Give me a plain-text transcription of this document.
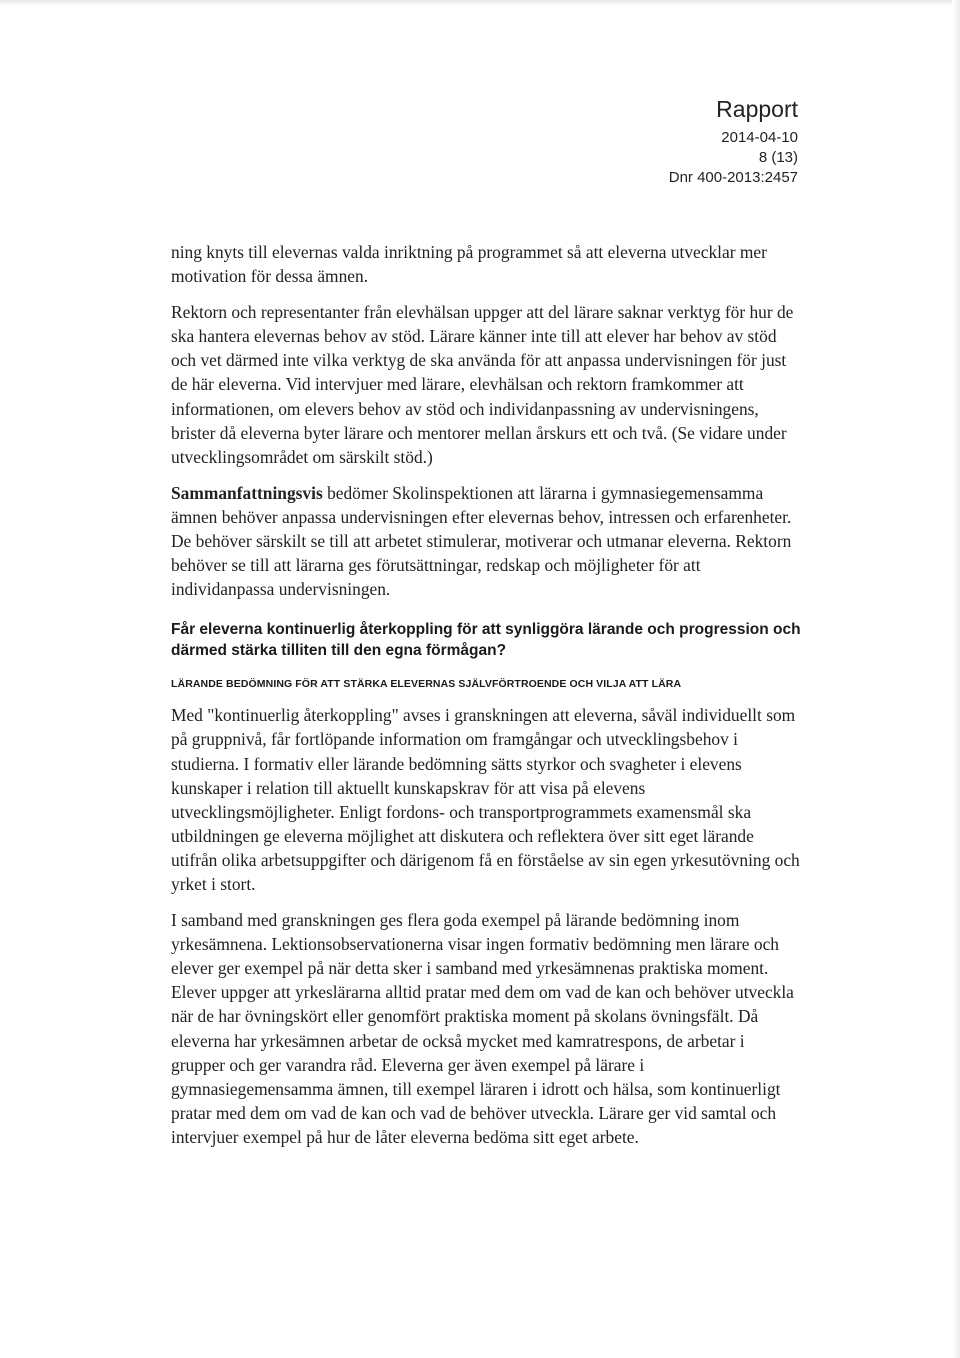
Rapport
2014-04-10
8 (13)
Dnr 400-2013:2457

ning knyts till elevernas valda inriktning på programmet så att eleverna utvecklar mer motivation för dessa ämnen.

Rektorn och representanter från elevhälsan uppger att del lärare saknar verktyg för hur de ska hantera elevernas behov av stöd. Lärare känner inte till att elever har behov av stöd och vet därmed inte vilka verktyg de ska använda för att anpassa undervisningen för just de här eleverna. Vid intervjuer med lärare, elevhälsan och rektorn framkommer att informationen, om elevers behov av stöd och individanpassning av undervisningens, brister då eleverna byter lärare och mentorer mellan årskurs ett och två. (Se vidare under utvecklingsområdet om särskilt stöd.)

Sammanfattningsvis bedömer Skolinspektionen att lärarna i gymnasiegemensamma ämnen behöver anpassa undervisningen efter elevernas behov, intressen och erfarenheter. De behöver särskilt se till att arbetet stimulerar, motiverar och utmanar eleverna. Rektorn behöver se till att lärarna ges förutsättningar, redskap och möjligheter för att individanpassa undervisningen.

Får eleverna kontinuerlig återkoppling för att synliggöra lärande och progression och därmed stärka tilliten till den egna förmågan?
LÄRANDE BEDÖMNING FÖR ATT STÄRKA ELEVERNAS SJÄLVFÖRTROENDE OCH VILJA ATT LÄRA

Med "kontinuerlig återkoppling" avses i granskningen att eleverna, såväl individuellt som på gruppnivå, får fortlöpande information om framgångar och utvecklingsbehov i studierna. I formativ eller lärande bedömning sätts styrkor och svagheter i elevens kunskaper i relation till aktuellt kunskapskrav för att visa på elevens utvecklingsmöjligheter. Enligt fordons- och transportprogrammets examensmål ska utbildningen ge eleverna möjlighet att diskutera och reflektera över sitt eget lärande utifrån olika arbetsuppgifter och därigenom få en förståelse av sin egen yrkesutövning och yrket i stort.

I samband med granskningen ges flera goda exempel på lärande bedömning inom yrkesämnena. Lektionsobservationerna visar ingen formativ bedömning men lärare och elever ger exempel på när detta sker i samband med yrkesämnenas praktiska moment. Elever uppger att yrkeslärarna alltid pratar med dem om vad de kan och behöver utveckla när de har övningskört eller genomfört praktiska moment på skolans övningsfält. Då eleverna har yrkesämnen arbetar de också mycket med kamratrespons, de arbetar i grupper och ger varandra råd. Eleverna ger även exempel på lärare i gymnasiegemensamma ämnen, till exempel läraren i idrott och hälsa, som kontinuerligt pratar med dem om vad de kan och vad de behöver utveckla. Lärare ger vid samtal och intervjuer exempel på hur de låter eleverna bedöma sitt eget arbete.
